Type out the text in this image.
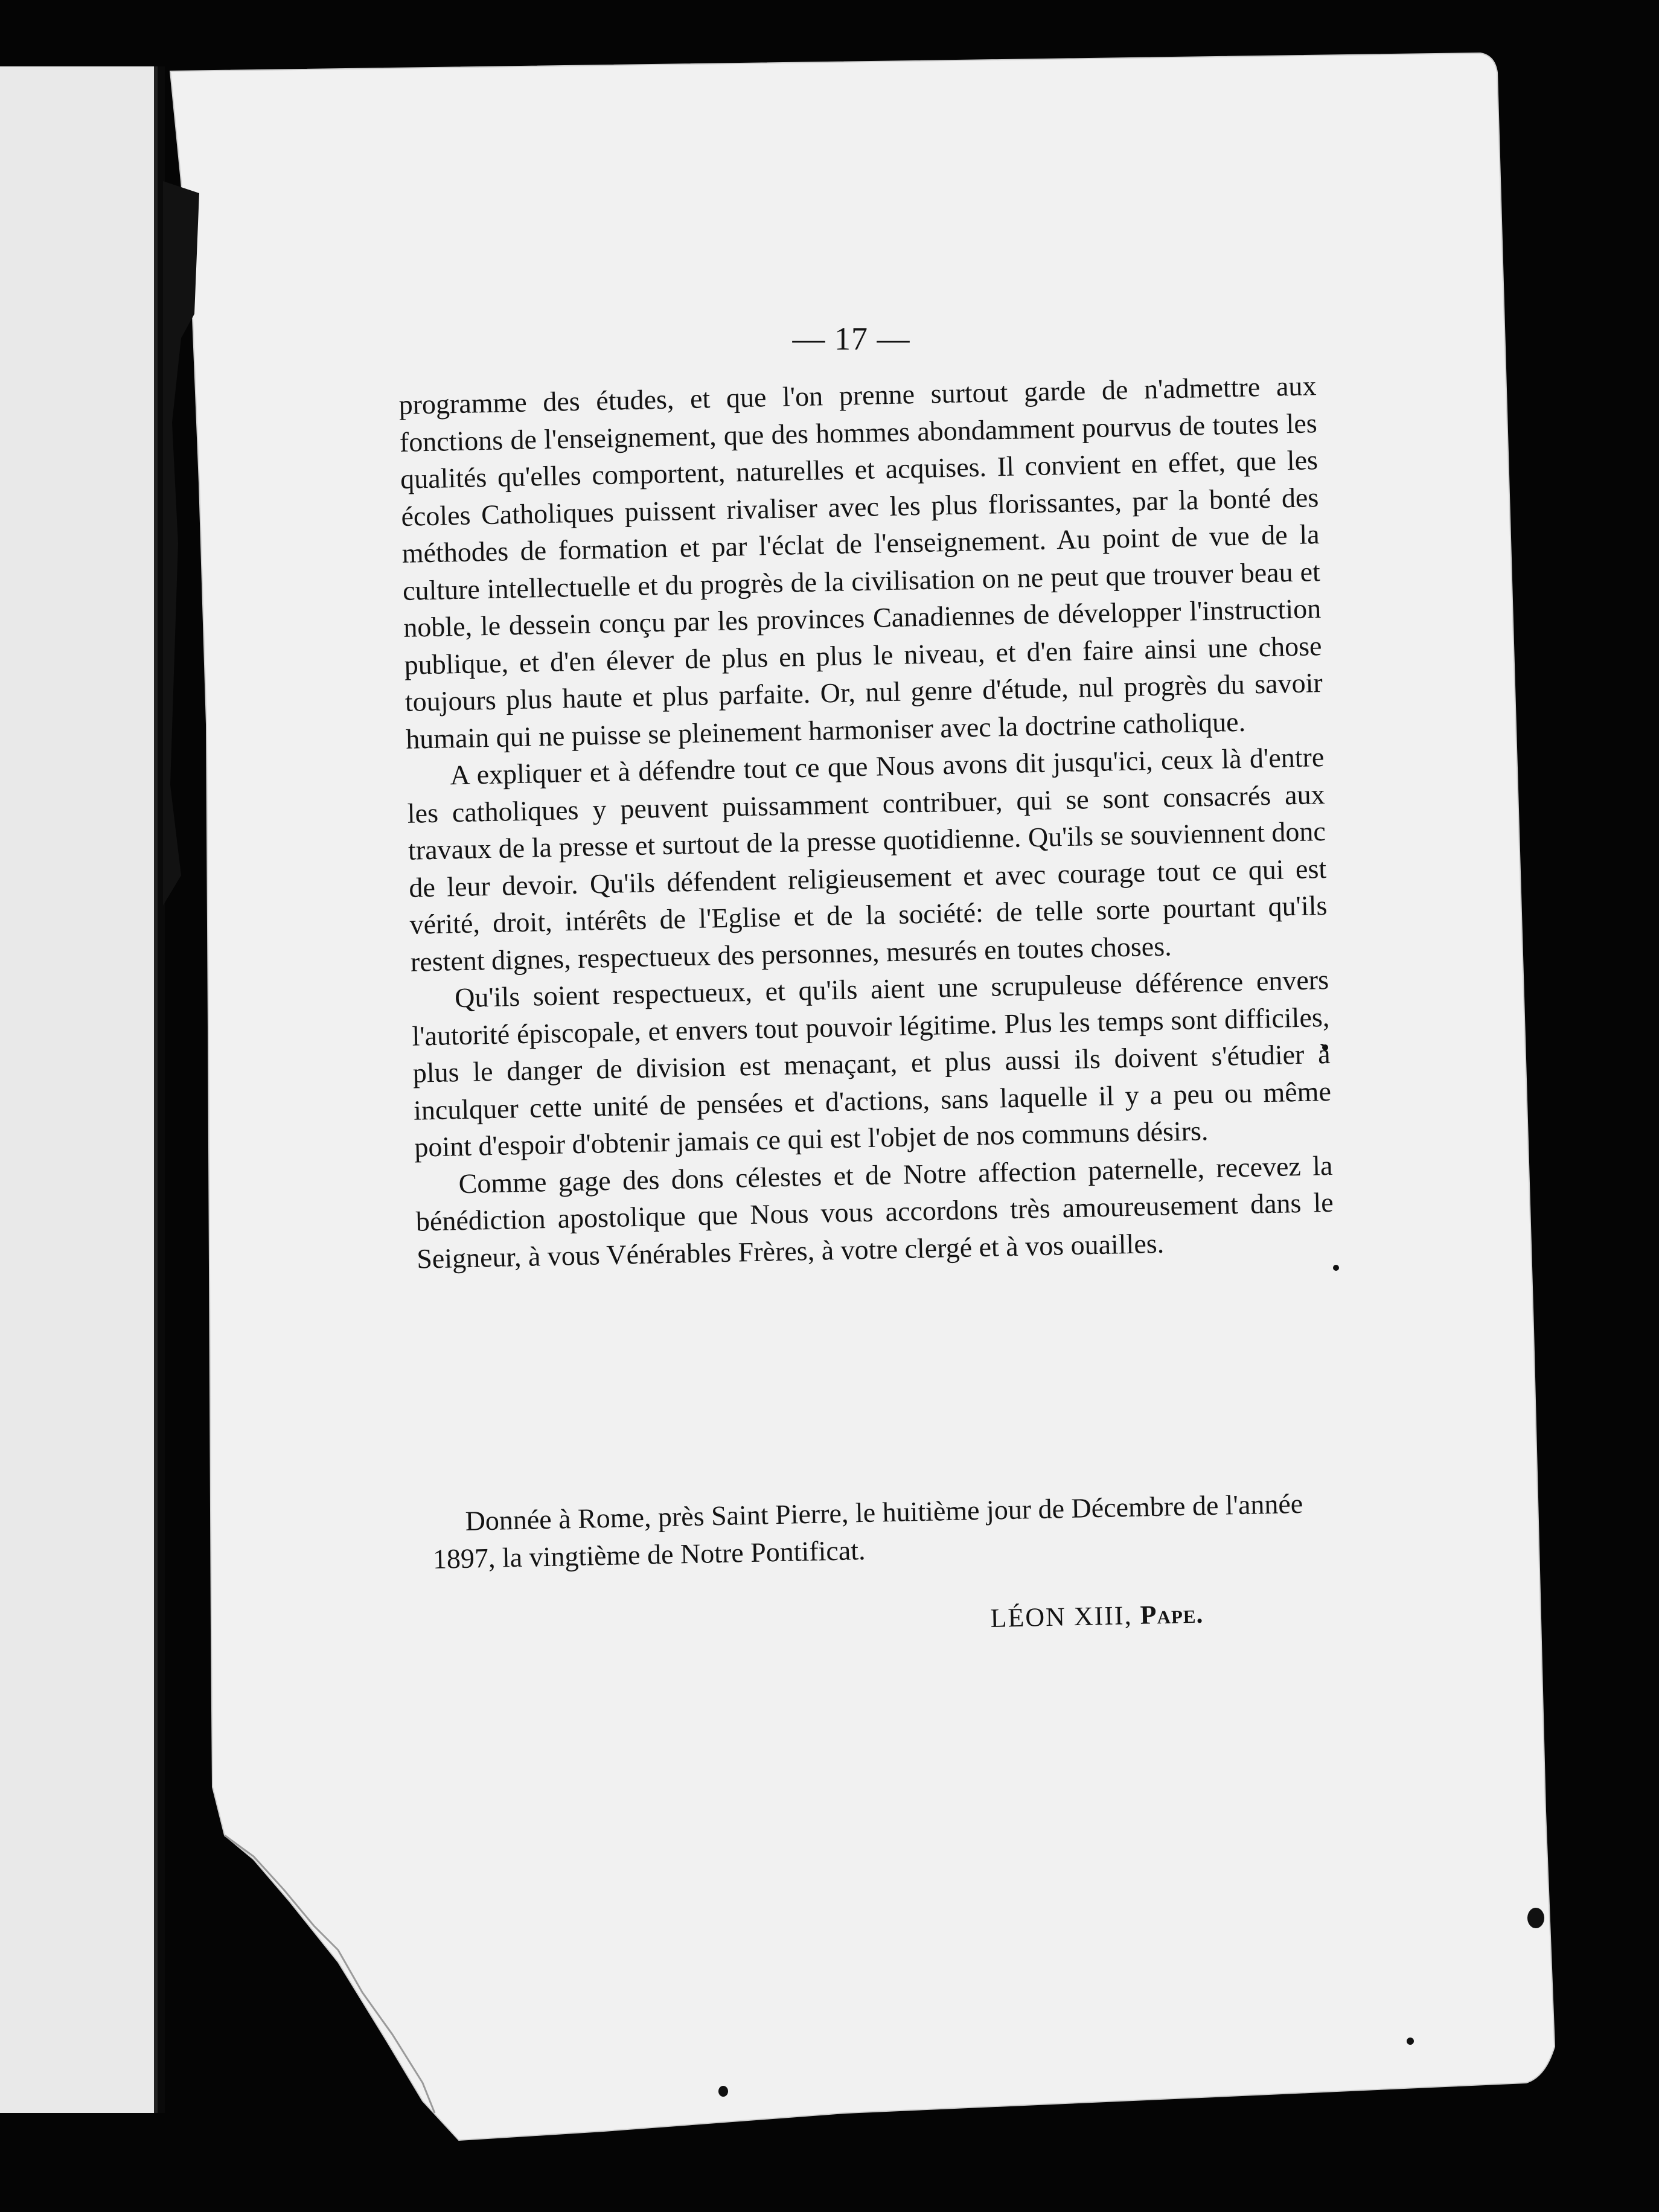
— 17 —

programme des études, et que l'on prenne surtout garde de n'admettre aux fonctions de l'enseignement, que des hommes abondamment pourvus de toutes les qualités qu'elles comportent, naturelles et acquises. Il convient en effet, que les écoles Catholiques puissent rivaliser avec les plus florissantes, par la bonté des méthodes de formation et par l'éclat de l'enseignement. Au point de vue de la culture intellectuelle et du progrès de la civilisation on ne peut que trouver beau et noble, le dessein conçu par les provinces Canadiennes de développer l'instruction publique, et d'en élever de plus en plus le niveau, et d'en faire ainsi une chose toujours plus haute et plus parfaite. Or, nul genre d'étude, nul progrès du savoir humain qui ne puisse se pleinement harmoniser avec la doctrine catholique.

A expliquer et à défendre tout ce que Nous avons dit jusqu'ici, ceux là d'entre les catholiques y peuvent puissamment contribuer, qui se sont consacrés aux travaux de la presse et surtout de la presse quotidienne. Qu'ils se souviennent donc de leur devoir. Qu'ils défendent religieusement et avec courage tout ce qui est vérité, droit, intérêts de l'Eglise et de la société: de telle sorte pourtant qu'ils restent dignes, respectueux des personnes, mesurés en toutes choses.

Qu'ils soient respectueux, et qu'ils aient une scrupuleuse déférence envers l'autorité épiscopale, et envers tout pouvoir légitime. Plus les temps sont difficiles, plus le danger de division est menaçant, et plus aussi ils doivent s'étudier à inculquer cette unité de pensées et d'actions, sans laquelle il y a peu ou même point d'espoir d'obtenir jamais ce qui est l'objet de nos communs désirs.

Comme gage des dons célestes et de Notre affection paternelle, recevez la bénédiction apostolique que Nous vous accordons très amoureusement dans le Seigneur, à vous Vénérables Frères, à votre clergé et à vos ouailles.

Donnée à Rome, près Saint Pierre, le huitième jour de Décembre de l'année 1897, la vingtième de Notre Pontificat.

LÉON XIII, Pape.
